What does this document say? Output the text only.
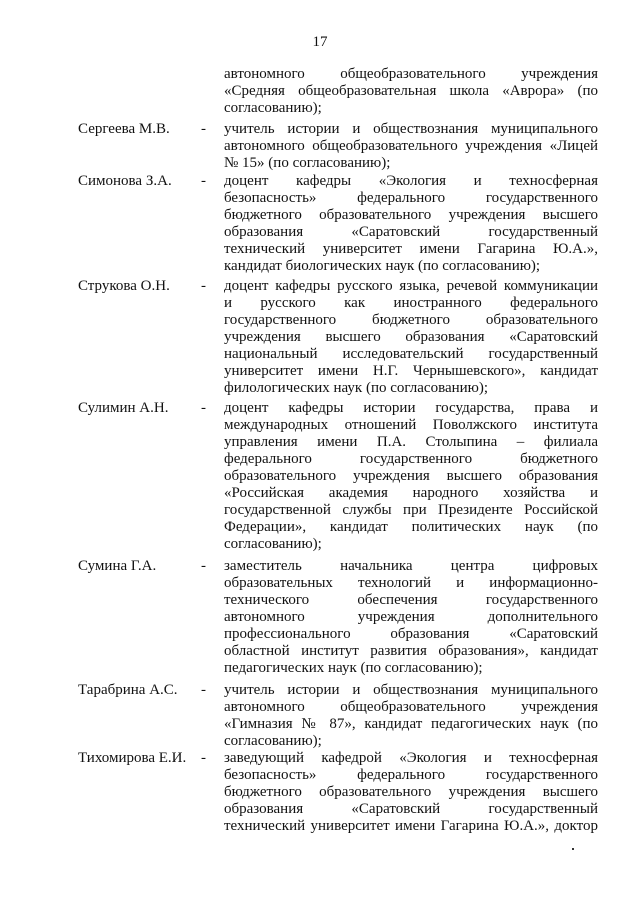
17
автономного общеобразовательного учреждения
«Средняя общеобразовательная школа «Аврора» (по
согласованию);
Сергеева М.В. - учитель истории и обществознания муниципального
автономного общеобразовательного учреждения «Лицей
№ 15» (по согласованию);
Симонова З.А. - доцент кафедры «Экология и техносферная
безопасность» федерального государственного
бюджетного образовательного учреждения высшего
образования «Саратовский государственный
технический университет имени Гагарина Ю.А.»,
кандидат биологических наук (по согласованию);
Струкова О.Н. - доцент кафедры русского языка, речевой коммуникации
и русского как иностранного федерального
государственного бюджетного образовательного
учреждения высшего образования «Саратовский
национальный исследовательский государственный
университет имени Н.Г. Чернышевского», кандидат
филологических наук (по согласованию);
Сулимин А.Н. - доцент кафедры истории государства, права и
международных отношений Поволжского института
управления имени П.А. Столыпина – филиала
федерального государственного бюджетного
образовательного учреждения высшего образования
«Российская академия народного хозяйства и
государственной службы при Президенте Российской
Федерации», кандидат политических наук (по
согласованию);
Сумина Г.А.	- заместитель начальника центра цифровых
образовательных технологий и информационно-
технического обеспечения государственного
автономного учреждения дополнительного
профессионального образования «Саратовский
областной институт развития образования», кандидат
педагогических наук (по согласованию);
Тарабрина А.С. - учитель истории и обществознания муниципального
автономного общеобразовательного учреждения
«Гимназия № 87», кандидат педагогических наук (по
согласованию);
Тихомирова Е.И. - заведующий кафедрой «Экология и техносферная
безопасность» федерального государственного
бюджетного образовательного учреждения высшего
образования «Саратовский государственный
технический университет имени Гагарина Ю.А.», доктор
